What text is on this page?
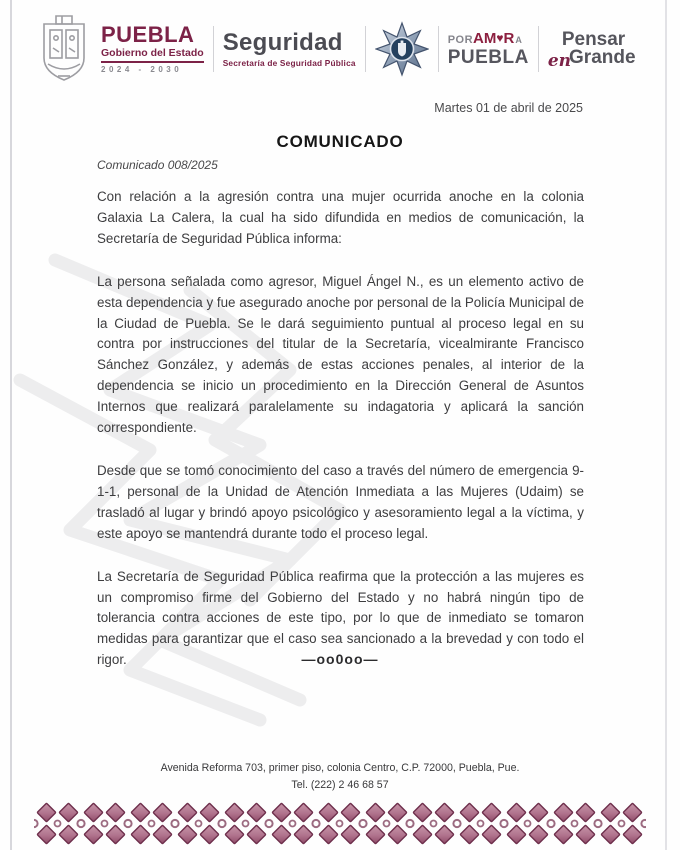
PUEBLA
Gobierno del Estado
2024 - 2030
Seguridad
Secretaría de Seguridad Pública
POR AM ♥ R A
PUEBLA
Pensar
en
Grande
Martes 01 de abril de 2025
COMUNICADO
Comunicado 008/2025

Con relación a la agresión contra una mujer ocurrida anoche en la colonia Galaxia La Calera, la cual ha sido difundida en medios de comunicación, la Secretaría de Seguridad Pública informa:

La persona señalada como agresor, Miguel Ángel N., es un elemento activo de esta dependencia y fue asegurado anoche por personal de la Policía Municipal de la Ciudad de Puebla. Se le dará seguimiento puntual al proceso legal en su contra por instrucciones del titular de la Secretaría, vicealmirante Francisco Sánchez González, y además de estas acciones penales, al interior de la dependencia se inicio un procedimiento en la Dirección General de Asuntos Internos que realizará paralelamente su indagatoria y aplicará la sanción correspondiente.

Desde que se tomó conocimiento del caso a través del número de emergencia 9-1-1, personal de la Unidad de Atención Inmediata a las Mujeres (Udaim) se trasladó al lugar y brindó apoyo psicológico y asesoramiento legal a la víctima, y este apoyo se mantendrá durante todo el proceso legal.

La Secretaría de Seguridad Pública reafirma que la protección a las mujeres es un compromiso firme del Gobierno del Estado y no habrá ningún tipo de tolerancia contra acciones de este tipo, por lo que de inmediato se tomaron medidas para garantizar que el caso sea sancionado a la brevedad y con todo el rigor.	—oo0oo—
Avenida Reforma 703, primer piso, colonia Centro, C.P. 72000, Puebla, Pue.
Tel. (222) 2 46 68 57
